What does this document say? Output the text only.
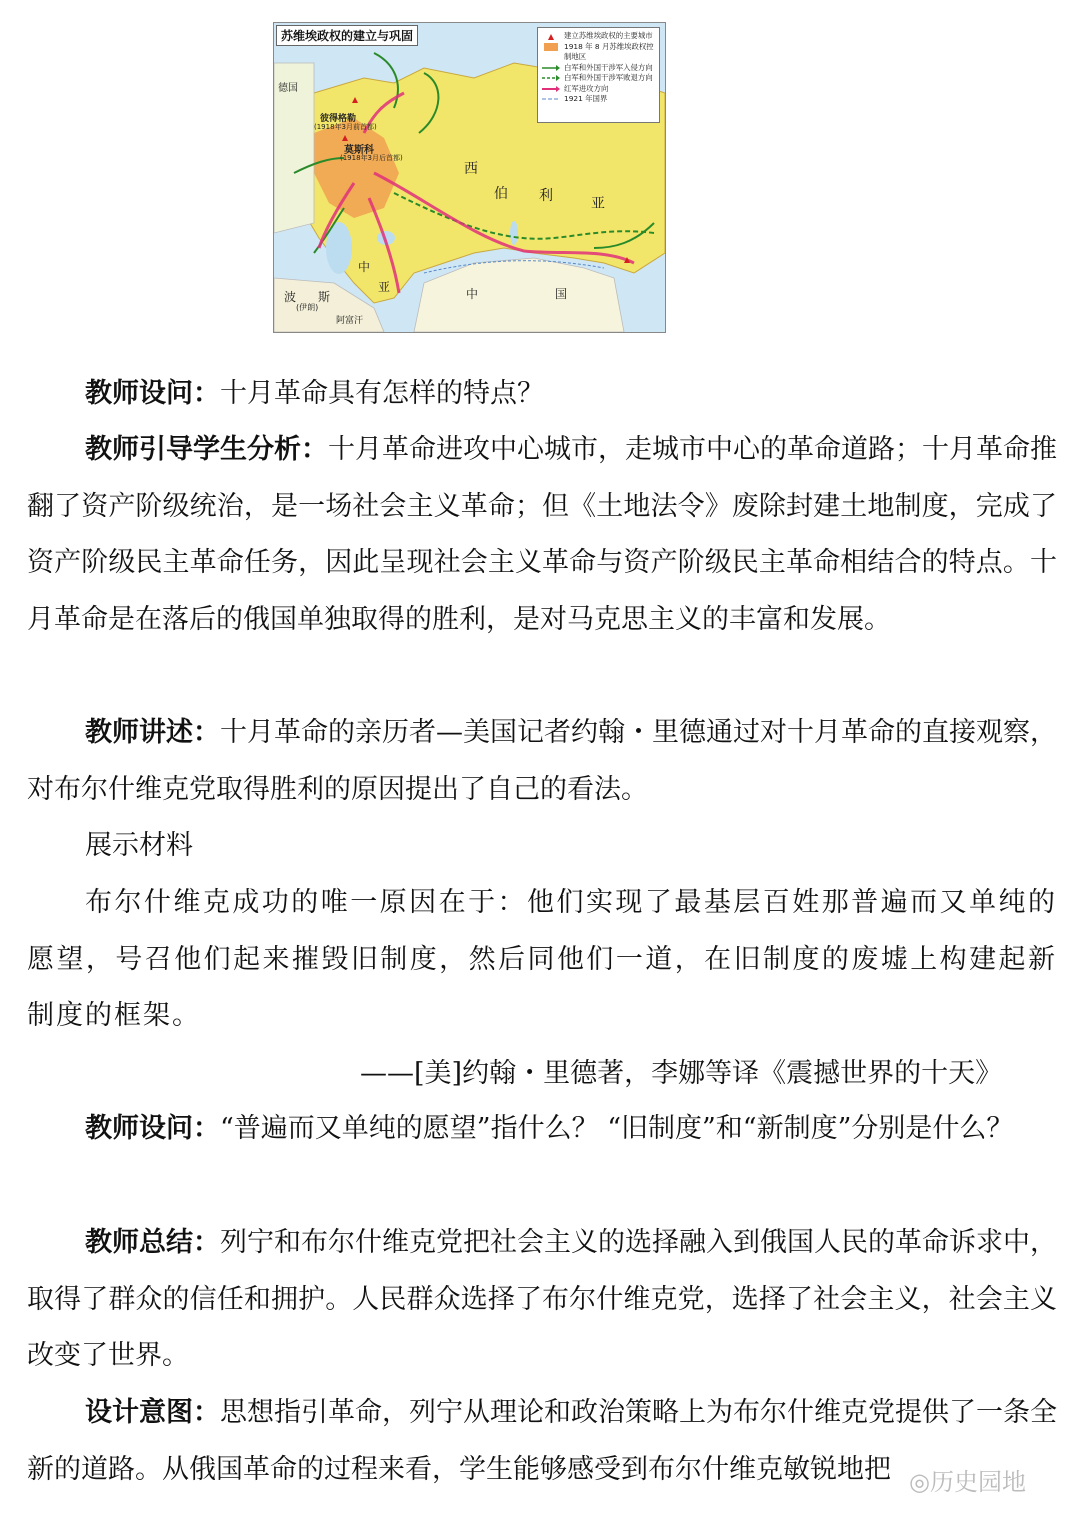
苏维埃政权的建立与巩固
德国
彼得格勒
(1918年3月前首都)
莫斯科
(1918年3月后首都)
西
伯 利	亚
中
亚	中	国
波 斯
(伊朗)
阿富汗
建立苏维埃政权的主要城市
1918 年 8 月苏维埃政权控制地区
白军和外国干涉军入侵方向
白军和外国干涉军败退方向
红军进攻方向
1921 年国界

教师设问：十月革命具有怎样的特点？

教师引导学生分析：十月革命进攻中心城市，走城市中心的革命道路；十月革命推翻了资产阶级统治，是一场社会主义革命；但《土地法令》废除封建土地制度，完成了资产阶级民主革命任务，因此呈现社会主义革命与资产阶级民主革命相结合的特点。十月革命是在落后的俄国单独取得的胜利，是对马克思主义的丰富和发展。

教师讲述：十月革命的亲历者—美国记者约翰・里德通过对十月革命的直接观察，对布尔什维克党取得胜利的原因提出了自己的看法。

展示材料

布尔什维克成功的唯一原因在于：他们实现了最基层百姓那普遍而又单纯的愿望，号召他们起来摧毁旧制度，然后同他们一道，在旧制度的废墟上构建起新制度的框架。

——[美]约翰・里德著，李娜等译《震撼世界的十天》

教师设问：“普遍而又单纯的愿望”指什么？ “旧制度”和“新制度”分别是什么？

教师总结：列宁和布尔什维克党把社会主义的选择融入到俄国人民的革命诉求中，取得了群众的信任和拥护。人民群众选择了布尔什维克党，选择了社会主义，社会主义改变了世界。

设计意图：思想指引革命，列宁从理论和政治策略上为布尔什维克党提供了一条全新的道路。从俄国革命的过程来看，学生能够感受到布尔什维克敏锐地把 ◎历史园地
